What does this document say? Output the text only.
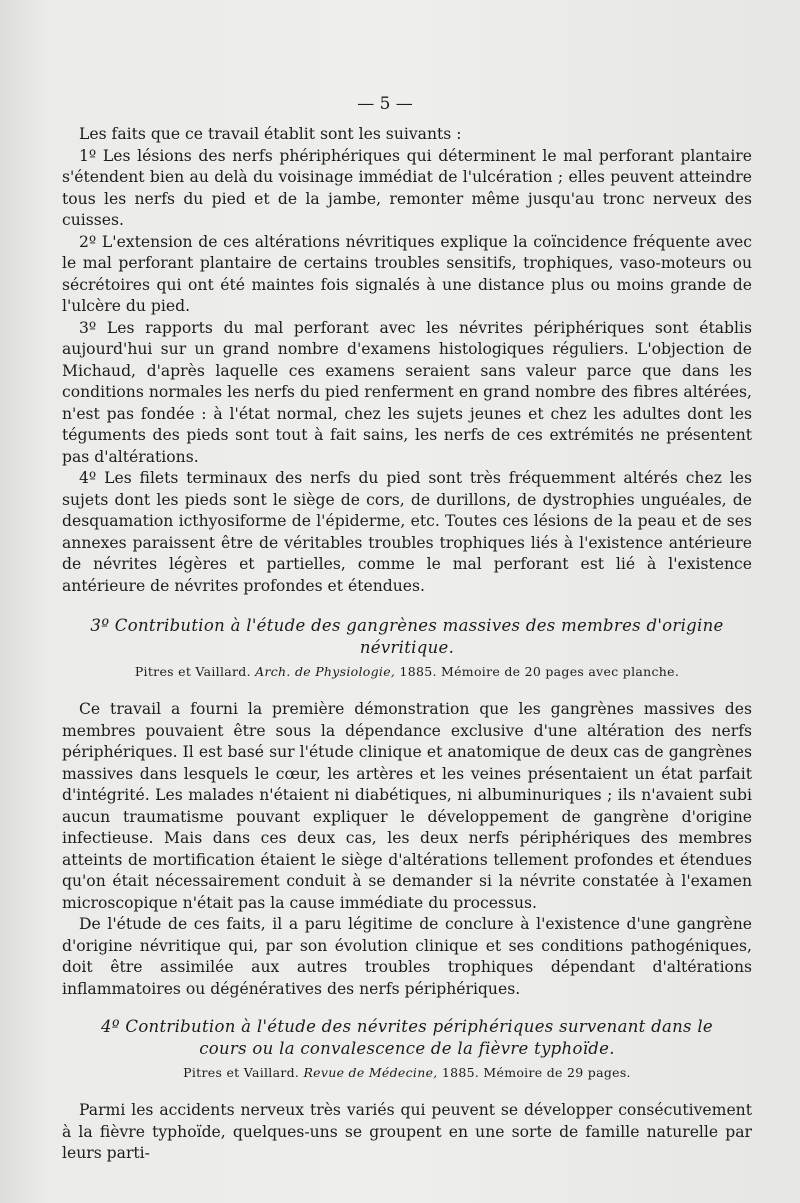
— 5 —

Les faits que ce travail établit sont les suivants :

1º Les lésions des nerfs phériphériques qui déterminent le mal perforant plantaire s'étendent bien au delà du voisinage immédiat de l'ulcération ; elles peuvent atteindre tous les nerfs du pied et de la jambe, remonter même jusqu'au tronc nerveux des cuisses.

2º L'extension de ces altérations névritiques explique la coïncidence fréquente avec le mal perforant plantaire de certains troubles sensitifs, trophiques, vaso-moteurs ou sécrétoires qui ont été maintes fois signalés à une distance plus ou moins grande de l'ulcère du pied.

3º Les rapports du mal perforant avec les névrites périphériques sont établis aujourd'hui sur un grand nombre d'examens histologiques réguliers. L'objection de Michaud, d'après laquelle ces examens seraient sans valeur parce que dans les conditions normales les nerfs du pied renferment en grand nombre des fibres altérées, n'est pas fondée : à l'état normal, chez les sujets jeunes et chez les adultes dont les téguments des pieds sont tout à fait sains, les nerfs de ces extrémités ne présentent pas d'altérations.

4º Les filets terminaux des nerfs du pied sont très fréquemment altérés chez les sujets dont les pieds sont le siège de cors, de durillons, de dystrophies unguéales, de desquamation icthyosiforme de l'épiderme, etc. Toutes ces lésions de la peau et de ses annexes paraissent être de véritables troubles trophiques liés à l'existence antérieure de névrites légères et partielles, comme le mal perforant est lié à l'existence antérieure de névrites profondes et étendues.

3º Contribution à l'étude des gangrènes massives des membres d'origine névritique.

Pitres et Vaillard. Arch. de Physiologie, 1885. Mémoire de 20 pages avec planche.

Ce travail a fourni la première démonstration que les gangrènes massives des membres pouvaient être sous la dépendance exclusive d'une altération des nerfs périphériques. Il est basé sur l'étude clinique et anatomique de deux cas de gangrènes massives dans lesquels le cœur, les artères et les veines présentaient un état parfait d'intégrité. Les malades n'étaient ni diabétiques, ni albuminuriques ; ils n'avaient subi aucun traumatisme pouvant expliquer le développement de gangrène d'origine infectieuse. Mais dans ces deux cas, les deux nerfs périphériques des membres atteints de mortification étaient le siège d'altérations tellement profondes et étendues qu'on était nécessairement conduit à se demander si la névrite constatée à l'examen microscopique n'était pas la cause immédiate du processus.

De l'étude de ces faits, il a paru légitime de conclure à l'existence d'une gangrène d'origine névritique qui, par son évolution clinique et ses conditions pathogéniques, doit être assimilée aux autres troubles trophiques dépendant d'altérations inflammatoires ou dégénératives des nerfs périphériques.

4º Contribution à l'étude des névrites périphériques survenant dans le cours ou la convalescence de la fièvre typhoïde.

Pitres et Vaillard. Revue de Médecine, 1885. Mémoire de 29 pages.

Parmi les accidents nerveux très variés qui peuvent se développer consécutivement à la fièvre typhoïde, quelques-uns se groupent en une sorte de famille naturelle par leurs parti-
